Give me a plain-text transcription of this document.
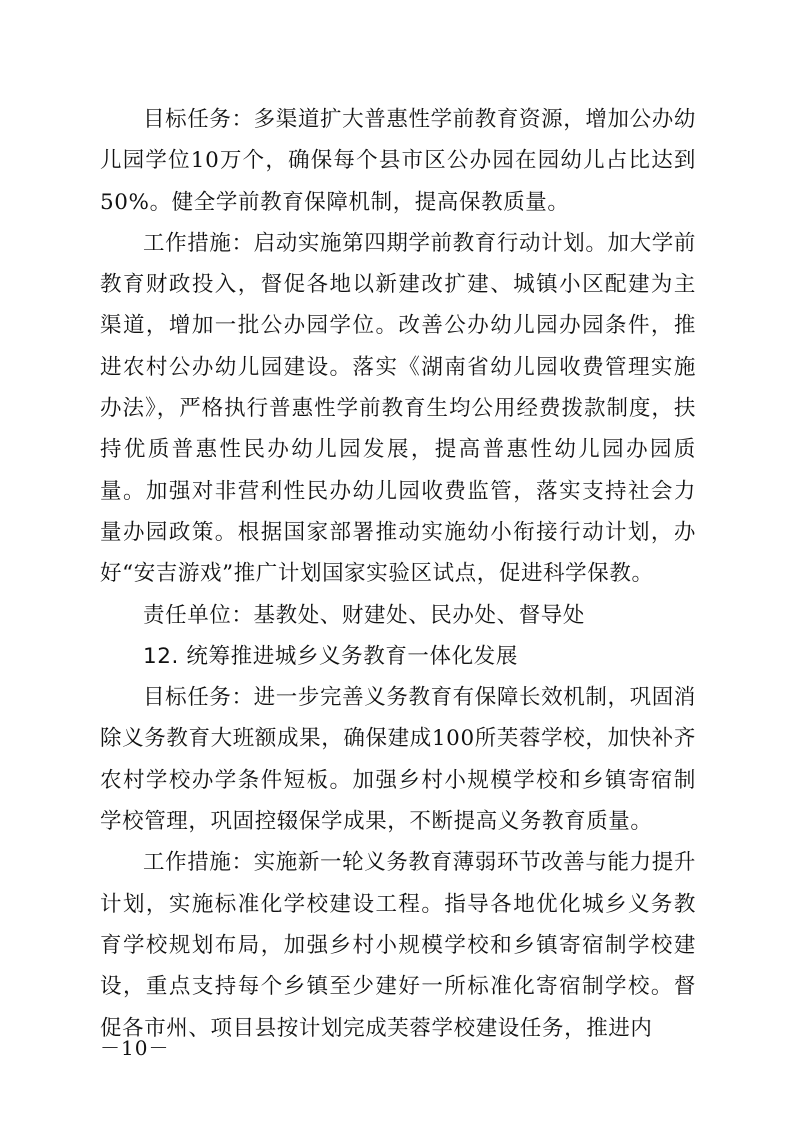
目标任务：多渠道扩大普惠性学前教育资源，增加公办幼儿园学位10万个，确保每个县市区公办园在园幼儿占比达到50%。健全学前教育保障机制，提高保教质量。

工作措施：启动实施第四期学前教育行动计划。加大学前教育财政投入，督促各地以新建改扩建、城镇小区配建为主渠道，增加一批公办园学位。改善公办幼儿园办园条件，推进农村公办幼儿园建设。落实《湖南省幼儿园收费管理实施办法》，严格执行普惠性学前教育生均公用经费拨款制度，扶持优质普惠性民办幼儿园发展，提高普惠性幼儿园办园质量。加强对非营利性民办幼儿园收费监管，落实支持社会力量办园政策。根据国家部署推动实施幼小衔接行动计划，办好“安吉游戏”推广计划国家实验区试点，促进科学保教。

责任单位：基教处、财建处、民办处、督导处

12. 统筹推进城乡义务教育一体化发展

目标任务：进一步完善义务教育有保障长效机制，巩固消除义务教育大班额成果，确保建成100所芙蓉学校，加快补齐农村学校办学条件短板。加强乡村小规模学校和乡镇寄宿制学校管理，巩固控辍保学成果，不断提高义务教育质量。

工作措施：实施新一轮义务教育薄弱环节改善与能力提升计划，实施标准化学校建设工程。指导各地优化城乡义务教育学校规划布局，加强乡村小规模学校和乡镇寄宿制学校建设，重点支持每个乡镇至少建好一所标准化寄宿制学校。督促各市州、项目县按计划完成芙蓉学校建设任务，推进内

－10－
